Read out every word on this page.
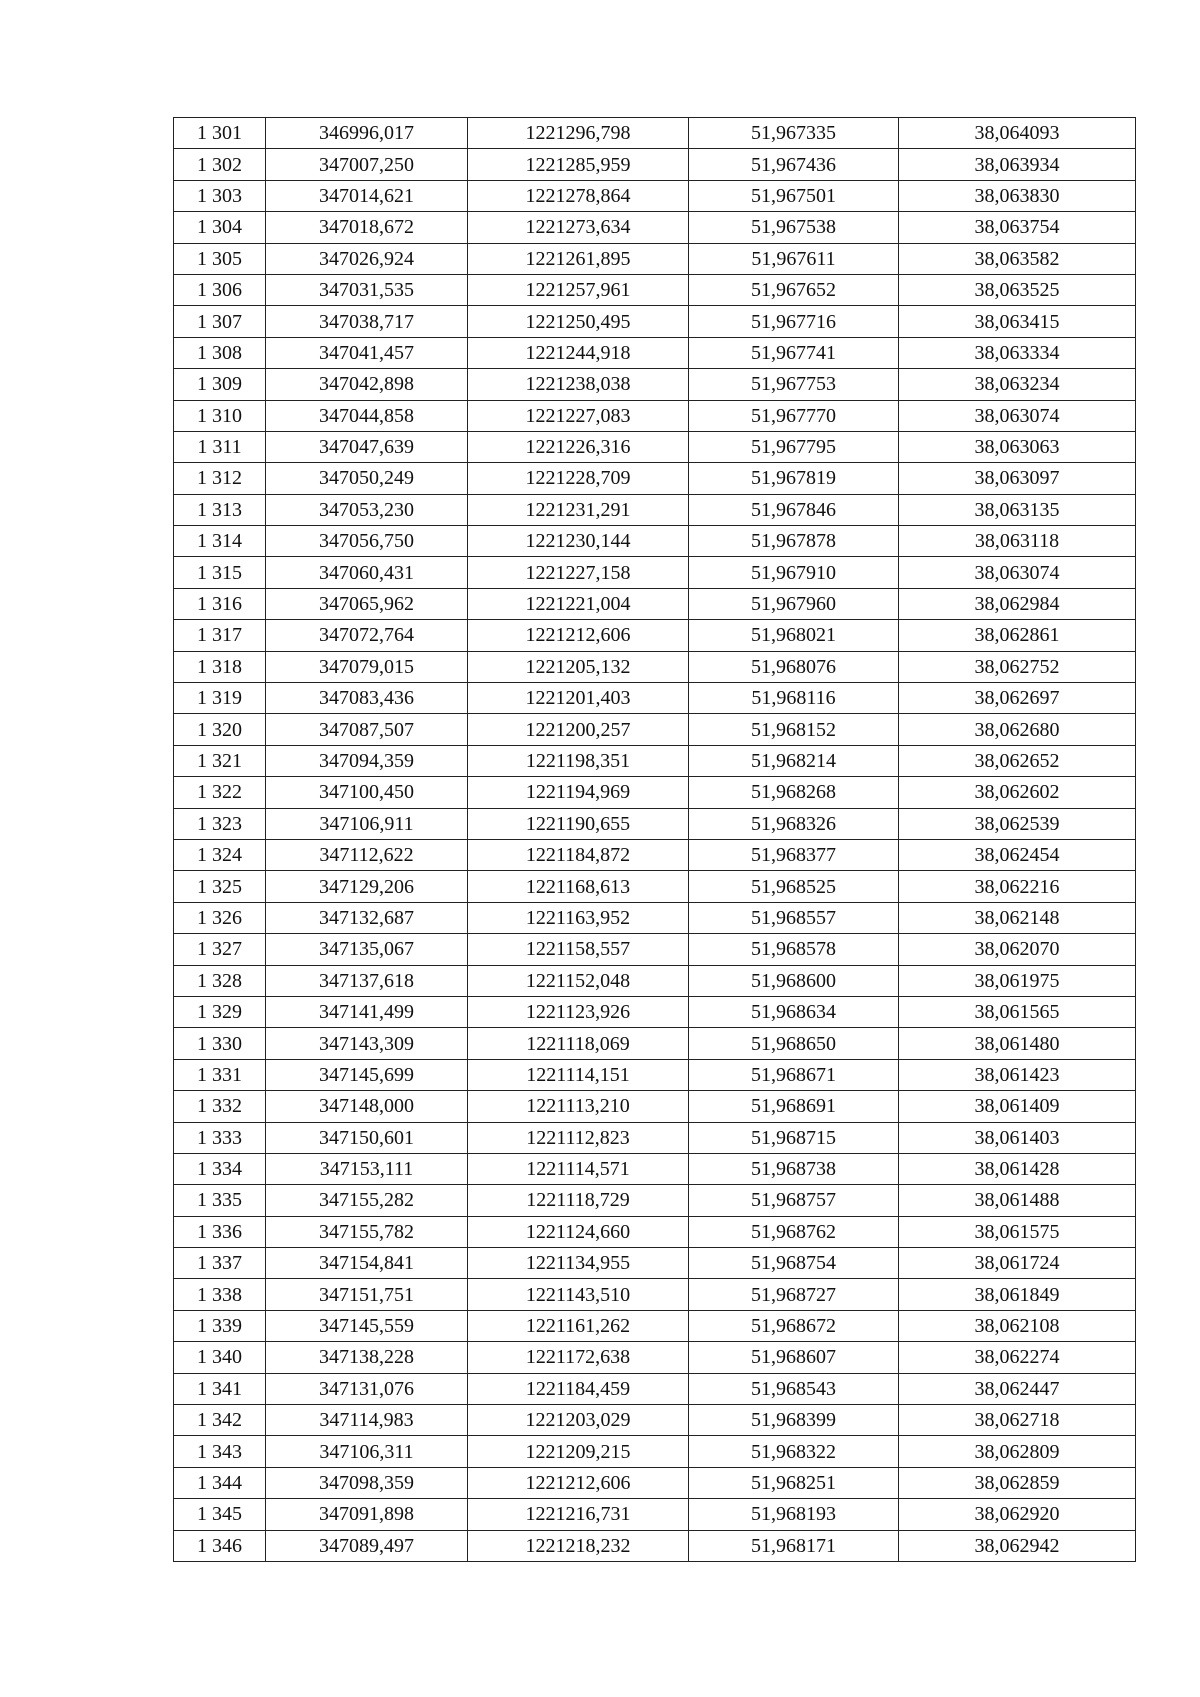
1 301	346996,017	1221296,798	51,967335	38,064093
1 302	347007,250	1221285,959	51,967436	38,063934
1 303	347014,621	1221278,864	51,967501	38,063830
1 304	347018,672	1221273,634	51,967538	38,063754
1 305	347026,924	1221261,895	51,967611	38,063582
1 306	347031,535	1221257,961	51,967652	38,063525
1 307	347038,717	1221250,495	51,967716	38,063415
1 308	347041,457	1221244,918	51,967741	38,063334
1 309	347042,898	1221238,038	51,967753	38,063234
1 310	347044,858	1221227,083	51,967770	38,063074
1 311	347047,639	1221226,316	51,967795	38,063063
1 312	347050,249	1221228,709	51,967819	38,063097
1 313	347053,230	1221231,291	51,967846	38,063135
1 314	347056,750	1221230,144	51,967878	38,063118
1 315	347060,431	1221227,158	51,967910	38,063074
1 316	347065,962	1221221,004	51,967960	38,062984
1 317	347072,764	1221212,606	51,968021	38,062861
1 318	347079,015	1221205,132	51,968076	38,062752
1 319	347083,436	1221201,403	51,968116	38,062697
1 320	347087,507	1221200,257	51,968152	38,062680
1 321	347094,359	1221198,351	51,968214	38,062652
1 322	347100,450	1221194,969	51,968268	38,062602
1 323	347106,911	1221190,655	51,968326	38,062539
1 324	347112,622	1221184,872	51,968377	38,062454
1 325	347129,206	1221168,613	51,968525	38,062216
1 326	347132,687	1221163,952	51,968557	38,062148
1 327	347135,067	1221158,557	51,968578	38,062070
1 328	347137,618	1221152,048	51,968600	38,061975
1 329	347141,499	1221123,926	51,968634	38,061565
1 330	347143,309	1221118,069	51,968650	38,061480
1 331	347145,699	1221114,151	51,968671	38,061423
1 332	347148,000	1221113,210	51,968691	38,061409
1 333	347150,601	1221112,823	51,968715	38,061403
1 334	347153,111	1221114,571	51,968738	38,061428
1 335	347155,282	1221118,729	51,968757	38,061488
1 336	347155,782	1221124,660	51,968762	38,061575
1 337	347154,841	1221134,955	51,968754	38,061724
1 338	347151,751	1221143,510	51,968727	38,061849
1 339	347145,559	1221161,262	51,968672	38,062108
1 340	347138,228	1221172,638	51,968607	38,062274
1 341	347131,076	1221184,459	51,968543	38,062447
1 342	347114,983	1221203,029	51,968399	38,062718
1 343	347106,311	1221209,215	51,968322	38,062809
1 344	347098,359	1221212,606	51,968251	38,062859
1 345	347091,898	1221216,731	51,968193	38,062920
1 346	347089,497	1221218,232	51,968171	38,062942
